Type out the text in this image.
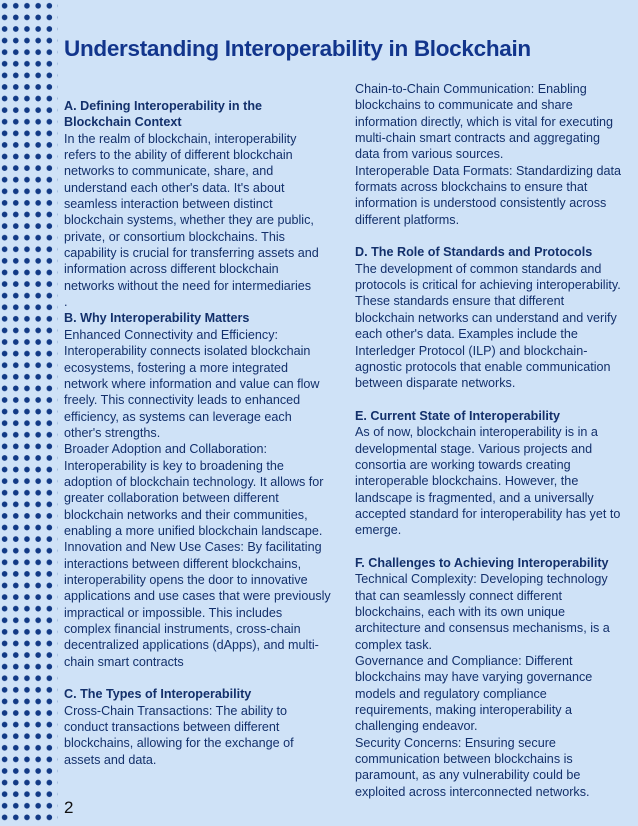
Understanding Interoperability in Blockchain
A. Defining Interoperability in the Blockchain Context

In the realm of blockchain, interoperability refers to the ability of different blockchain networks to communicate, share, and understand each other's data. It's about seamless interaction between distinct blockchain systems, whether they are public, private, or consortium blockchains. This capability is crucial for transferring assets and information across different blockchain networks without the need for intermediaries

.

B. Why Interoperability Matters

Enhanced Connectivity and Efficiency: Interoperability connects isolated blockchain ecosystems, fostering a more integrated network where information and value can flow freely. This connectivity leads to enhanced efficiency, as systems can leverage each other's strengths.

Broader Adoption and Collaboration: Interoperability is key to broadening the adoption of blockchain technology. It allows for greater collaboration between different blockchain networks and their communities, enabling a more unified blockchain landscape.

Innovation and New Use Cases: By facilitating interactions between different blockchains, interoperability opens the door to innovative applications and use cases that were previously impractical or impossible. This includes complex financial instruments, cross-chain decentralized applications (dApps), and multi-chain smart contracts

C. The Types of Interoperability

Cross-Chain Transactions: The ability to conduct transactions between different blockchains, allowing for the exchange of assets and data.

Chain-to-Chain Communication: Enabling blockchains to communicate and share information directly, which is vital for executing multi-chain smart contracts and aggregating data from various sources.

Interoperable Data Formats: Standardizing data formats across blockchains to ensure that information is understood consistently across different platforms.

D. The Role of Standards and Protocols

The development of common standards and protocols is critical for achieving interoperability. These standards ensure that different blockchain networks can understand and verify each other's data. Examples include the Interledger Protocol (ILP) and blockchain-agnostic protocols that enable communication between disparate networks.

E. Current State of Interoperability

As of now, blockchain interoperability is in a developmental stage. Various projects and consortia are working towards creating interoperable blockchains. However, the landscape is fragmented, and a universally accepted standard for interoperability has yet to emerge.

F. Challenges to Achieving Interoperability

Technical Complexity: Developing technology that can seamlessly connect different blockchains, each with its own unique architecture and consensus mechanisms, is a complex task.

Governance and Compliance: Different blockchains may have varying governance models and regulatory compliance requirements, making interoperability a challenging endeavor.

Security Concerns: Ensuring secure communication between blockchains is paramount, as any vulnerability could be exploited across interconnected networks.

2
